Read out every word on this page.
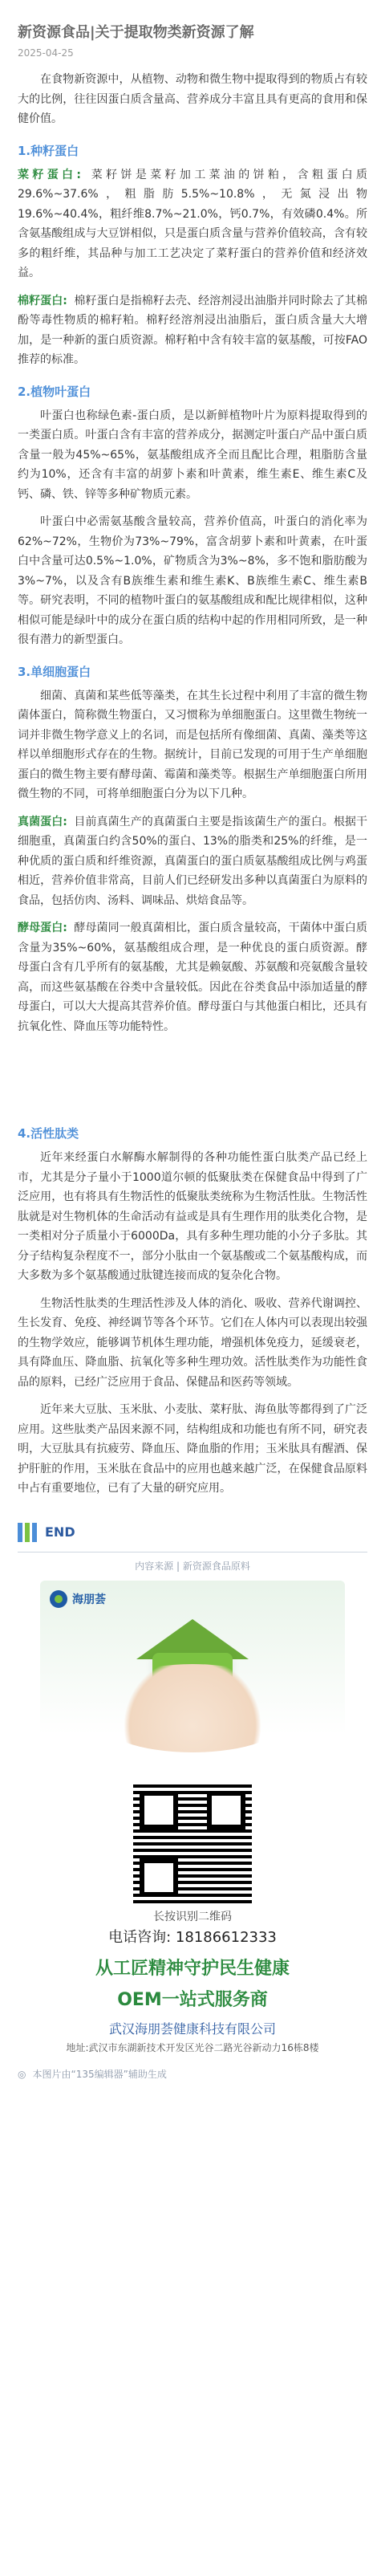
新资源食品|关于提取物类新资源了解
2025-04-25

在食物新资源中，从植物、动物和微生物中提取得到的物质占有较大的比例，往往因蛋白质含量高、营养成分丰富且具有更高的食用和保健价值。

1.种籽蛋白

菜籽蛋白: 菜籽饼是菜籽加工菜油的饼粕，含粗蛋白质29.6%~37.6%，粗脂肪5.5%~10.8%，无氮浸出物19.6%~40.4%，粗纤维8.7%~21.0%，钙0.7%，有效磷0.4%。所含氨基酸组成与大豆饼相似，只是蛋白质含量与营养价值较高，含有较多的粗纤维，其品种与加工工艺决定了菜籽蛋白的营养价值和经济效益。

棉籽蛋白: 棉籽蛋白是指棉籽去壳、经溶剂浸出油脂并同时除去了其棉酚等毒性物质的棉籽粕。棉籽经溶剂浸出油脂后，蛋白质含量大大增加，是一种新的蛋白质资源。棉籽粕中含有较丰富的氨基酸，可按FAO推荐的标准。

2.植物叶蛋白

叶蛋白也称绿色素-蛋白质，是以新鲜植物叶片为原料提取得到的一类蛋白质。叶蛋白含有丰富的营养成分，据测定叶蛋白产品中蛋白质含量一般为45%~65%，氨基酸组成齐全而且配比合理，粗脂肪含量约为10%，还含有丰富的胡萝卜素和叶黄素，维生素E、维生素C及钙、磷、铁、锌等多种矿物质元素。

叶蛋白中必需氨基酸含量较高，营养价值高，叶蛋白的消化率为62%~72%，生物价为73%~79%，富含胡萝卜素和叶黄素，在叶蛋白中含量可达0.5%~1.0%，矿物质含为3%~8%，多不饱和脂肪酸为3%~7%，以及含有B族维生素和维生素K、B族维生素C、维生素B等。研究表明，不同的植物叶蛋白的氨基酸组成和配比规律相似，这种相似可能是绿叶中的成分在蛋白质的结构中起的作用相同所致，是一种很有潜力的新型蛋白。

3.单细胞蛋白

细菌、真菌和某些低等藻类，在其生长过程中利用了丰富的微生物菌体蛋白，简称微生物蛋白，又习惯称为单细胞蛋白。这里微生物统一词并非微生物学意义上的名词，而是包括所有像细菌、真菌、藻类等这样以单细胞形式存在的生物。据统计，目前已发现的可用于生产单细胞蛋白的微生物主要有酵母菌、霉菌和藻类等。根据生产单细胞蛋白所用微生物的不同，可将单细胞蛋白分为以下几种。

真菌蛋白: 目前真菌生产的真菌蛋白主要是指该菌生产的蛋白。根据干细胞重，真菌蛋白约含50%的蛋白、13%的脂类和25%的纤维，是一种优质的蛋白质和纤维资源，真菌蛋白的蛋白质氨基酸组成比例与鸡蛋相近，营养价值非常高，目前人们已经研发出多种以真菌蛋白为原料的食品，包括仿肉、汤料、调味品、烘焙食品等。

酵母蛋白: 酵母菌同一般真菌相比，蛋白质含量较高，干菌体中蛋白质含量为35%~60%，氨基酸组成合理，是一种优良的蛋白质资源。酵母蛋白含有几乎所有的氨基酸，尤其是赖氨酸、苏氨酸和亮氨酸含量较高，而这些氨基酸在谷类中含量较低。因此在谷类食品中添加适量的酵母蛋白，可以大大提高其营养价值。酵母蛋白与其他蛋白相比，还具有抗氧化性、降血压等功能特性。

4.活性肽类

近年来经蛋白水解酶水解制得的各种功能性蛋白肽类产品已经上市，尤其是分子量小于1000道尔顿的低聚肽类在保健食品中得到了广泛应用，也有将具有生物活性的低聚肽类统称为生物活性肽。生物活性肽就是对生物机体的生命活动有益或是具有生理作用的肽类化合物，是一类相对分子质量小于6000Da，具有多种生理功能的小分子多肽。其分子结构复杂程度不一，部分小肽由一个氨基酸或二个氨基酸构成，而大多数为多个氨基酸通过肽键连接而成的复杂化合物。

生物活性肽类的生理活性涉及人体的消化、吸收、营养代谢调控、生长发育、免疫、神经调节等各个环节。它们在人体内可以表现出较强的生物学效应，能够调节机体生理功能，增强机体免疫力，延缓衰老，具有降血压、降血脂、抗氧化等多种生理功效。活性肽类作为功能性食品的原料，已经广泛应用于食品、保健品和医药等领域。

近年来大豆肽、玉米肽、小麦肽、菜籽肽、海鱼肽等都得到了广泛应用。这些肽类产品因来源不同，结构组成和功能也有所不同，研究表明，大豆肽具有抗疲劳、降血压、降血脂的作用；玉米肽具有醒酒、保护肝脏的作用，玉米肽在食品中的应用也越来越广泛，在保健食品原料中占有重要地位，已有了大量的研究应用。

END
内容来源 | 新资源食品原料
海朋荟
长按识别二维码
电话咨询: 18186612333
从工匠精神守护民生健康
OEM一站式服务商
武汉海朋荟健康科技有限公司
地址:武汉市东湖新技术开发区光谷二路光谷新动力16栋8楼
◎ 本图片由“135编辑器”辅助生成
